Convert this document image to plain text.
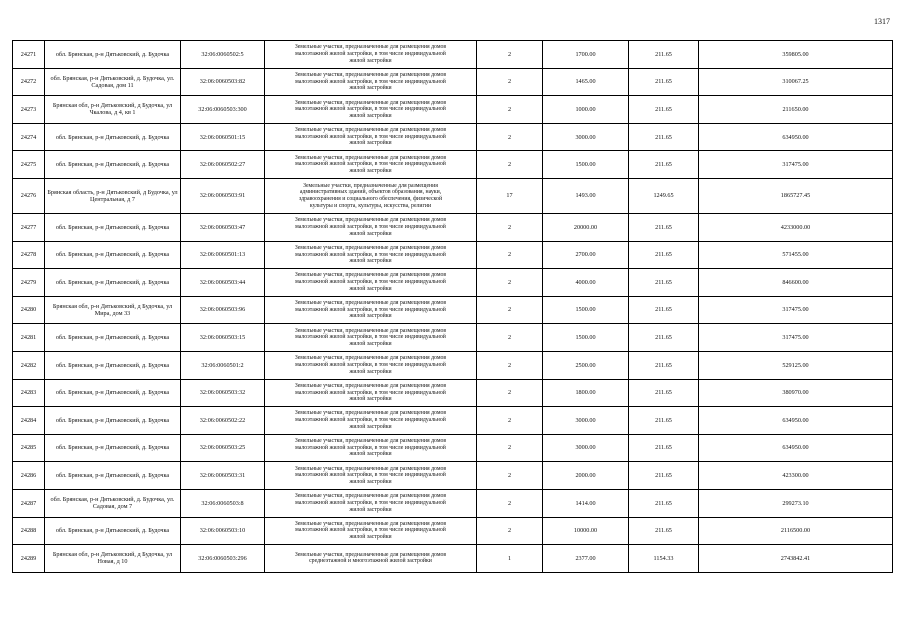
1317
24271	обл. Брянская, р-н Дятьковский, д. Будочка	32:06:0060502:5	Земельные участки, предназначенные для размещения домов
малоэтажной жилой застройки, в том числе индивидуальной
жилой застройки	2	1700.00	211.65	359805.00
24272	обл. Брянская, р-н Дятьковский, д. Будочка, ул. Садовая, дом 11	32:06:0060503:82	Земельные участки, предназначенные для размещения домов
малоэтажной жилой застройки, в том числе индивидуальной
жилой застройки	2	1465.00	211.65	310067.25
24273	Брянская обл, р-н Дятьковский, д Будочка, ул Чкалова, д 4, кв 1	32:06:0060503:300	Земельные участки, предназначенные для размещения домов
малоэтажной жилой застройки, в том числе индивидуальной
жилой застройки	2	1000.00	211.65	211650.00
24274	обл. Брянская, р-н Дятьковский, д. Будочка	32:06:0060501:15	Земельные участки, предназначенные для размещения домов
малоэтажной жилой застройки, в том числе индивидуальной
жилой застройки	2	3000.00	211.65	634950.00
24275	обл. Брянская, р-н Дятьковский, д. Будочка	32:06:0060502:27	Земельные участки, предназначенные для размещения домов
малоэтажной жилой застройки, в том числе индивидуальной
жилой застройки	2	1500.00	211.65	317475.00
24276	Брянская область, р-н Дятьковский, д Будочка, ул Центральная, д 7	32:06:0060503:91	Земельные участки, предназначенные для размещения
административных зданий, объектов образования, науки,
здравоохранения и социального обеспечения, физической
культуры и спорта, культуры, искусства, религии	17	1493.00	1249.65	1865727.45
24277	обл. Брянская, р-н Дятьковский, д. Будочка	32:06:0060503:47	Земельные участки, предназначенные для размещения домов
малоэтажной жилой застройки, в том числе индивидуальной
жилой застройки	2	20000.00	211.65	4233000.00
24278	обл. Брянская, р-н Дятьковский, д. Будочка	32:06:0060501:13	Земельные участки, предназначенные для размещения домов
малоэтажной жилой застройки, в том числе индивидуальной
жилой застройки	2	2700.00	211.65	571455.00
24279	обл. Брянская, р-н Дятьковский, д. Будочка	32:06:0060503:44	Земельные участки, предназначенные для размещения домов
малоэтажной жилой застройки, в том числе индивидуальной
жилой застройки	2	4000.00	211.65	846600.00
24280	Брянская обл, р-н Дятьковский, д Будочка, ул Мира, дом 33	32:06:0060503:96	Земельные участки, предназначенные для размещения домов
малоэтажной жилой застройки, в том числе индивидуальной
жилой застройки	2	1500.00	211.65	317475.00
24281	обл. Брянская, р-н Дятьковский, д. Будочка	32:06:0060503:15	Земельные участки, предназначенные для размещения домов
малоэтажной жилой застройки, в том числе индивидуальной
жилой застройки	2	1500.00	211.65	317475.00
24282	обл. Брянская, р-н Дятьковский, д. Будочка	32:06:0060501:2	Земельные участки, предназначенные для размещения домов
малоэтажной жилой застройки, в том числе индивидуальной
жилой застройки	2	2500.00	211.65	529125.00
24283	обл. Брянская, р-н Дятьковский, д. Будочка	32:06:0060503:32	Земельные участки, предназначенные для размещения домов
малоэтажной жилой застройки, в том числе индивидуальной
жилой застройки	2	1800.00	211.65	380970.00
24284	обл. Брянская, р-н Дятьковский, д. Будочка	32:06:0060502:22	Земельные участки, предназначенные для размещения домов
малоэтажной жилой застройки, в том числе индивидуальной
жилой застройки	2	3000.00	211.65	634950.00
24285	обл. Брянская, р-н Дятьковский, д. Будочка	32:06:0060503:25	Земельные участки, предназначенные для размещения домов
малоэтажной жилой застройки, в том числе индивидуальной
жилой застройки	2	3000.00	211.65	634950.00
24286	обл. Брянская, р-н Дятьковский, д. Будочка	32:06:0060503:31	Земельные участки, предназначенные для размещения домов
малоэтажной жилой застройки, в том числе индивидуальной
жилой застройки	2	2000.00	211.65	423300.00
24287	обл. Брянская, р-н Дятьковский, д. Будочка, ул. Садовая, дом 7	32:06:0060503:8	Земельные участки, предназначенные для размещения домов
малоэтажной жилой застройки, в том числе индивидуальной
жилой застройки	2	1414.00	211.65	299273.10
24288	обл. Брянская, р-н Дятьковский, д. Будочка	32:06:0060503:10	Земельные участки, предназначенные для размещения домов
малоэтажной жилой застройки, в том числе индивидуальной
жилой застройки	2	10000.00	211.65	2116500.00
24289	Брянская обл, р-н Дятьковский, д Будочка, ул Новая, д 10	32:06:0060503:296	Земельные участки, предназначенные для размещения домов
среднеэтажной и многоэтажной жилой застройки	1	2377.00	1154.33	2743842.41
